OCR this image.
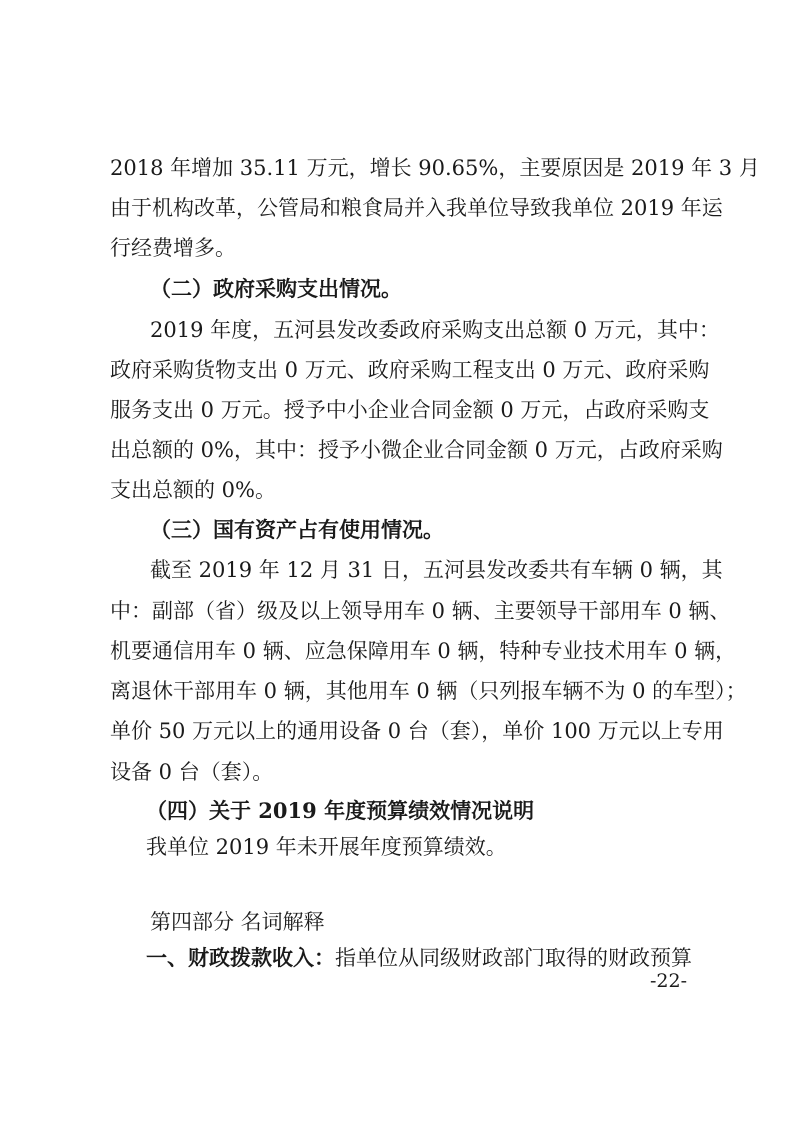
2018 年增加 35.11 万元，增长 90.65%，主要原因是 2019 年 3 月
由于机构改革，公管局和粮食局并入我单位导致我单位 2019 年运
行经费增多。
（二）政府采购支出情况。
2019 年度，五河县发改委政府采购支出总额 0 万元，其中：
政府采购货物支出 0 万元、政府采购工程支出 0 万元、政府采购
服务支出 0 万元。授予中小企业合同金额 0 万元，占政府采购支
出总额的 0%，其中：授予小微企业合同金额 0 万元，占政府采购
支出总额的 0%。
（三）国有资产占有使用情况。
截至 2019 年 12 月 31 日，五河县发改委共有车辆 0 辆，其
中：副部（省）级及以上领导用车 0 辆、主要领导干部用车 0 辆、
机要通信用车 0 辆、应急保障用车 0 辆，特种专业技术用车 0 辆，
离退休干部用车 0 辆，其他用车 0 辆（只列报车辆不为 0 的车型）；
单价 50 万元以上的通用设备 0 台（套），单价 100 万元以上专用
设备 0 台（套）。
（四）关于 2019 年度预算绩效情况说明
我单位 2019 年未开展年度预算绩效。
第四部分 名词解释
一、财政拨款收入：指单位从同级财政部门取得的财政预算
-22-
